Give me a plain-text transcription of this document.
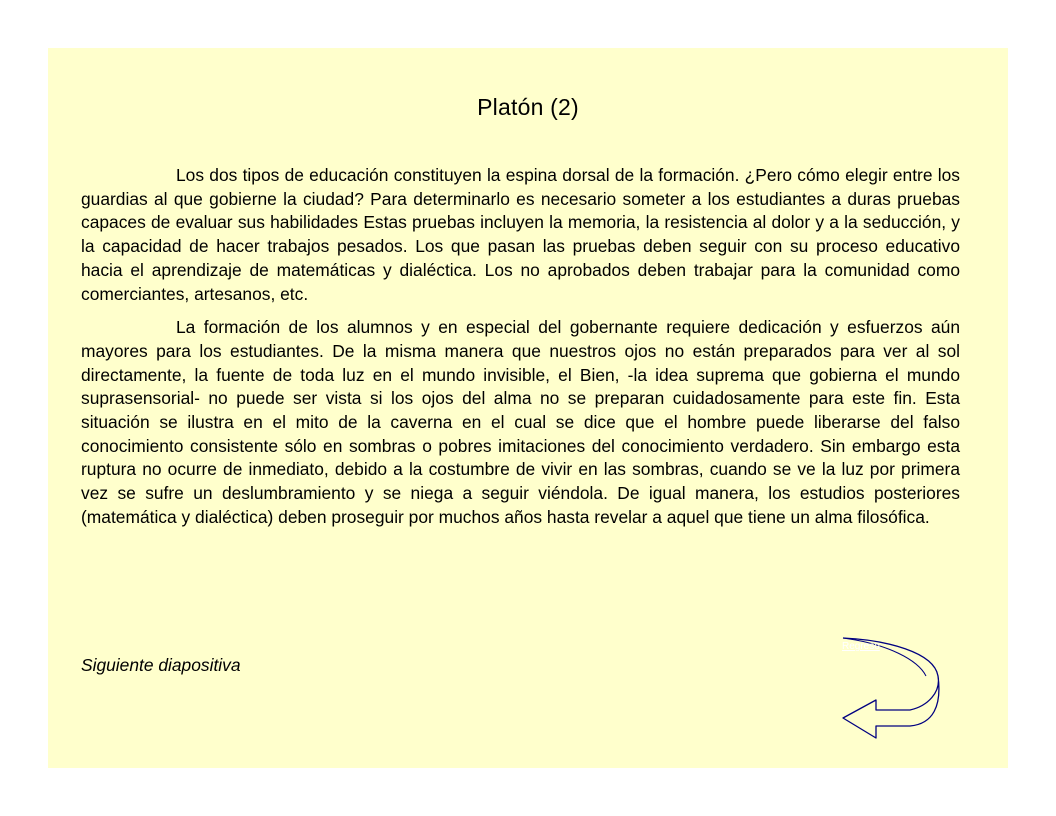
Platón (2)

Los dos tipos de educación constituyen la espina dorsal de la formación. ¿Pero cómo elegir entre los guardias al que gobierne la ciudad? Para determinarlo es necesario someter a los estudiantes a duras pruebas capaces de evaluar sus habilidades Estas pruebas incluyen la memoria, la resistencia al dolor y a la seducción, y la capacidad de hacer trabajos pesados. Los que pasan las pruebas deben seguir con su proceso educativo hacia el aprendizaje de matemáticas y dialéctica. Los no aprobados deben trabajar para la comunidad como comerciantes, artesanos, etc.

La formación de los alumnos y en especial del gobernante requiere dedicación y esfuerzos aún mayores para los estudiantes. De la misma manera que nuestros ojos no están preparados para ver al sol directamente, la fuente de toda luz en el mundo invisible, el Bien, -la idea suprema que gobierna el mundo suprasensorial- no puede ser vista si los ojos del alma no se preparan cuidadosamente para este fin. Esta situación se ilustra en el mito de la caverna en el cual se dice que el hombre puede liberarse del falso conocimiento consistente sólo en sombras o pobres imitaciones del conocimiento verdadero. Sin embargo esta ruptura no ocurre de inmediato, debido a la costumbre de vivir en las sombras, cuando se ve la luz por primera vez se sufre un deslumbramiento y se niega a seguir viéndola. De igual manera, los estudios posteriores (matemática y dialéctica) deben proseguir por muchos años hasta revelar a aquel que tiene un alma filosófica.

Siguiente diapositiva
Regreso
